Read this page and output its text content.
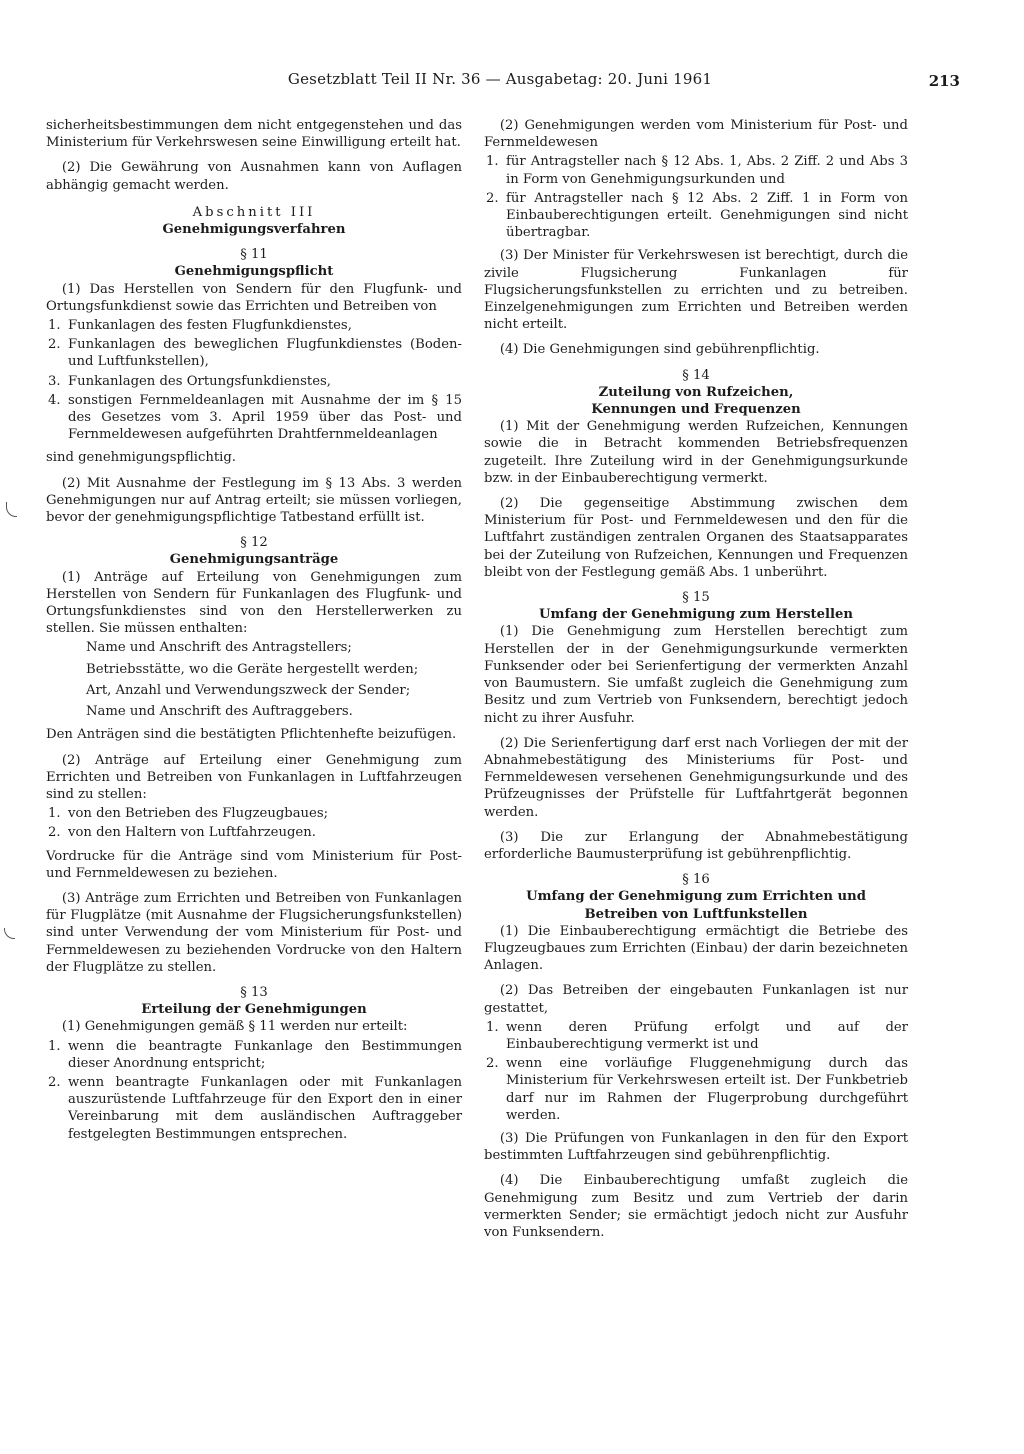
Gesetzblatt Teil II Nr. 36 — Ausgabetag: 20. Juni 1961	213

sicherheitsbestimmungen dem nicht entgegenstehen und das Ministerium für Verkehrswesen seine Einwilligung erteilt hat.

(2) Die Gewährung von Ausnahmen kann von Auflagen abhängig gemacht werden.

Abschnitt III
Genehmigungsverfahren
§ 11
Genehmigungspflicht

(1) Das Herstellen von Sendern für den Flugfunk- und Ortungsfunkdienst sowie das Errichten und Betreiben von

1. Funkanlagen des festen Flugfunkdienstes,
2. Funkanlagen des beweglichen Flugfunkdienstes (Boden- und Luftfunkstellen),
3. Funkanlagen des Ortungsfunkdienstes,
4. sonstigen Fernmeldeanlagen mit Ausnahme der im § 15 des Gesetzes vom 3. April 1959 über das Post- und Fernmeldewesen aufgeführten Drahtfernmeldeanlagen

sind genehmigungspflichtig.

(2) Mit Ausnahme der Festlegung im § 13 Abs. 3 werden Genehmigungen nur auf Antrag erteilt; sie müssen vorliegen, bevor der genehmigungspflichtige Tatbestand erfüllt ist.

§ 12
Genehmigungsanträge

(1) Anträge auf Erteilung von Genehmigungen zum Herstellen von Sendern für Funkanlagen des Flugfunk- und Ortungsfunkdienstes sind von den Herstellerwerken zu stellen. Sie müssen enthalten:

Name und Anschrift des Antragstellers;
Betriebsstätte, wo die Geräte hergestellt werden;
Art, Anzahl und Verwendungszweck der Sender;
Name und Anschrift des Auftraggebers.

Den Anträgen sind die bestätigten Pflichtenhefte beizufügen.

(2) Anträge auf Erteilung einer Genehmigung zum Errichten und Betreiben von Funkanlagen in Luftfahrzeugen sind zu stellen:

1. von den Betrieben des Flugzeugbaues;
2. von den Haltern von Luftfahrzeugen.

Vordrucke für die Anträge sind vom Ministerium für Post- und Fernmeldewesen zu beziehen.

(3) Anträge zum Errichten und Betreiben von Funkanlagen für Flugplätze (mit Ausnahme der Flugsicherungsfunkstellen) sind unter Verwendung der vom Ministerium für Post- und Fernmeldewesen zu beziehenden Vordrucke von den Haltern der Flugplätze zu stellen.

§ 13
Erteilung der Genehmigungen

(1) Genehmigungen gemäß § 11 werden nur erteilt:

1. wenn die beantragte Funkanlage den Bestimmungen dieser Anordnung entspricht;
2. wenn beantragte Funkanlagen oder mit Funkanlagen auszurüstende Luftfahrzeuge für den Export den in einer Vereinbarung mit dem ausländischen Auftraggeber festgelegten Bestimmungen entsprechen.

(2) Genehmigungen werden vom Ministerium für Post- und Fernmeldewesen

1. für Antragsteller nach § 12 Abs. 1, Abs. 2 Ziff. 2 und Abs 3 in Form von Genehmigungsurkunden und
2. für Antragsteller nach § 12 Abs. 2 Ziff. 1 in Form von Einbauberechtigungen erteilt. Genehmigungen sind nicht übertragbar.

(3) Der Minister für Verkehrswesen ist berechtigt, durch die zivile Flugsicherung Funkanlagen für Flugsicherungsfunkstellen zu errichten und zu betreiben. Einzelgenehmigungen zum Errichten und Betreiben werden nicht erteilt.

(4) Die Genehmigungen sind gebührenpflichtig.

§ 14
Zuteilung von Rufzeichen,
Kennungen und Frequenzen

(1) Mit der Genehmigung werden Rufzeichen, Kennungen sowie die in Betracht kommenden Betriebsfrequenzen zugeteilt. Ihre Zuteilung wird in der Genehmigungsurkunde bzw. in der Einbauberechtigung vermerkt.

(2) Die gegenseitige Abstimmung zwischen dem Ministerium für Post- und Fernmeldewesen und den für die Luftfahrt zuständigen zentralen Organen des Staatsapparates bei der Zuteilung von Rufzeichen, Kennungen und Frequenzen bleibt von der Festlegung gemäß Abs. 1 unberührt.

§ 15
Umfang der Genehmigung zum Herstellen

(1) Die Genehmigung zum Herstellen berechtigt zum Herstellen der in der Genehmigungsurkunde vermerkten Funksender oder bei Serienfertigung der vermerkten Anzahl von Baumustern. Sie umfaßt zugleich die Genehmigung zum Besitz und zum Vertrieb von Funksendern, berechtigt jedoch nicht zu ihrer Ausfuhr.

(2) Die Serienfertigung darf erst nach Vorliegen der mit der Abnahmebestätigung des Ministeriums für Post- und Fernmeldewesen versehenen Genehmigungsurkunde und des Prüfzeugnisses der Prüfstelle für Luftfahrtgerät begonnen werden.

(3) Die zur Erlangung der Abnahmebestätigung erforderliche Baumusterprüfung ist gebührenpflichtig.

§ 16
Umfang der Genehmigung zum Errichten und
Betreiben von Luftfunkstellen

(1) Die Einbauberechtigung ermächtigt die Betriebe des Flugzeugbaues zum Errichten (Einbau) der darin bezeichneten Anlagen.

(2) Das Betreiben der eingebauten Funkanlagen ist nur gestattet,

1. wenn deren Prüfung erfolgt und auf der Einbauberechtigung vermerkt ist und
2. wenn eine vorläufige Fluggenehmigung durch das Ministerium für Verkehrswesen erteilt ist. Der Funkbetrieb darf nur im Rahmen der Flugerprobung durchgeführt werden.

(3) Die Prüfungen von Funkanlagen in den für den Export bestimmten Luftfahrzeugen sind gebührenpflichtig.

(4) Die Einbauberechtigung umfaßt zugleich die Genehmigung zum Besitz und zum Vertrieb der darin vermerkten Sender; sie ermächtigt jedoch nicht zur Ausfuhr von Funksendern.
